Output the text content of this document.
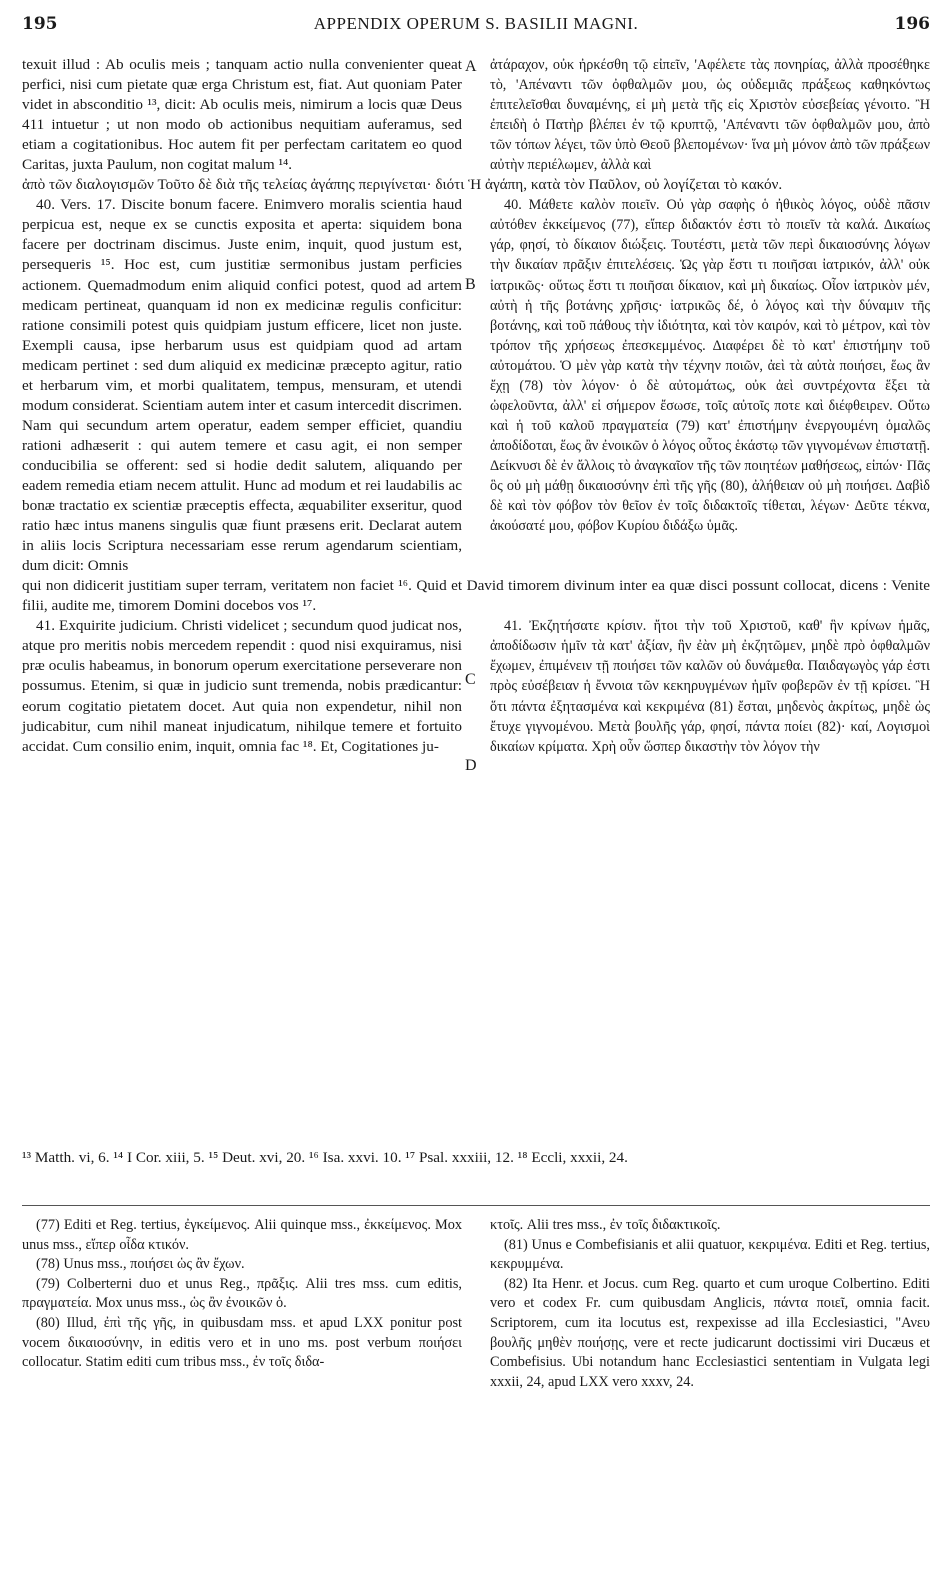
195	APPENDIX OPERUM S. BASILII MAGNI.	196
A

texuit illud : Ab oculis meis ; tanquam actio nulla convenienter queat perfici, nisi cum pietate quæ erga Christum est, fiat. Aut quoniam Pater videt in absconditio ¹³, dicit: Ab oculis meis, nimirum a locis quæ Deus 411 intuetur ; ut non modo ob actionibus nequitiam auferamus, sed etiam a cogitationibus. Hoc autem fit per perfectam caritatem eo quod Caritas, juxta Paulum, non cogitat malum ¹⁴.

ἀτάραχον, οὐκ ἠρκέσθη τῷ εἰπεῖν, 'Αφέλετε τὰς πονηρίας, ἀλλὰ προσέθηκε τὸ, 'Απέναντι τῶν ὀφθαλμῶν μου, ὡς οὐδεμιᾶς πράξεως καθηκόντως ἐπιτελεῖσθαι δυναμένης, εἰ μὴ μετὰ τῆς εἰς Χριστὸν εὐσεβείας γένοιτο. Ἢ ἐπειδὴ ὁ Πατὴρ βλέπει ἐν τῷ κρυπτῷ, 'Απέναντι τῶν ὀφθαλμῶν μου, ἀπὸ τῶν τόπων λέγει, τῶν ὑπὸ Θεοῦ βλεπομένων· ἵνα μὴ μόνον ἀπὸ τῶν πράξεων αὐτὴν περιέλωμεν, ἀλλὰ καὶ

ἀπὸ τῶν διαλογισμῶν Τοῦτο δὲ διὰ τῆς τελείας ἀγάπης περιγίνεται· διότι Ἡ ἀγάπη, κατὰ τὸν Παῦλον, οὐ λογίζεται τὸ κακόν.

B
C

40. Vers. 17. Discite bonum facere. Enimvero moralis scientia haud perpicua est, neque ex se cunctis exposita et aperta: siquidem bona facere per doctrinam discimus. Juste enim, inquit, quod justum est, persequeris ¹⁵. Hoc est, cum justitiæ sermonibus justam perficies actionem. Quemadmodum enim aliquid confici potest, quod ad artem medicam pertineat, quanquam id non ex medicinæ regulis conficitur: ratione consimili potest quis quidpiam justum efficere, licet non juste. Exempli causa, ipse herbarum usus est quidpiam quod ad artam medicam pertinet : sed dum aliquid ex medicinæ præcepto agitur, ratio et herbarum vim, et morbi qualitatem, tempus, mensuram, et utendi modum considerat. Scientiam autem inter et casum intercedit discrimen. Nam qui secundum artem operatur, eadem semper efficiet, quandiu rationi adhæserit : qui autem temere et casu agit, ei non semper conducibilia se offerent: sed si hodie dedit salutem, aliquando per eadem remedia etiam necem attulit. Hunc ad modum et rei laudabilis ac bonæ tractatio ex scientiæ præceptis effecta, æquabiliter exseritur, quod ratio hæc intus manens singulis quæ fiunt præsens erit. Declarat autem in aliis locis Scriptura necessariam esse rerum agendarum scientiam, dum dicit: Omnis

40. Μάθετε καλὸν ποιεῖν. Οὐ γὰρ σαφὴς ὁ ἠθικὸς λόγος, οὐδὲ πᾶσιν αὐτόθεν ἐκκείμενος (77), εἴπερ διδακτόν ἐστι τὸ ποιεῖν τὰ καλά. Δικαίως γάρ, φησί, τὸ δίκαιον διώξεις. Τουτέστι, μετὰ τῶν περὶ δικαιοσύνης λόγων τὴν δικαίαν πρᾶξιν ἐπιτελέσεις. Ὡς γὰρ ἔστι τι ποιῆσαι ἰατρικόν, ἀλλ' οὐκ ἰατρικῶς· οὕτως ἔστι τι ποιῆσαι δίκαιον, καὶ μὴ δικαίως. Οἷον ἰατρικὸν μέν, αὐτὴ ἡ τῆς βοτάνης χρῆσις· ἰατρικῶς δέ, ὁ λόγος καὶ τὴν δύναμιν τῆς βοτάνης, καὶ τοῦ πάθους τὴν ἰδιότητα, καὶ τὸν καιρόν, καὶ τὸ μέτρον, καὶ τὸν τρόπον τῆς χρήσεως ἐπεσκεμμένος. Διαφέρει δὲ τὸ κατ' ἐπιστήμην τοῦ αὐτομάτου. Ὁ μὲν γὰρ κατὰ τὴν τέχνην ποιῶν, ἀεὶ τὰ αὐτὰ ποιήσει, ἕως ἂν ἔχῃ (78) τὸν λόγον· ὁ δὲ αὐτομάτως, οὐκ ἀεὶ συντρέχοντα ἕξει τὰ ὠφελοῦντα, ἀλλ' εἰ σήμερον ἔσωσε, τοῖς αὐτοῖς ποτε καὶ διέφθειρεν. Οὕτω καὶ ἡ τοῦ καλοῦ πραγματεία (79) κατ' ἐπιστήμην ἐνεργουμένη ὁμαλῶς ἀποδίδοται, ἕως ἂν ἐνοικῶν ὁ λόγος οὗτος ἑκάστῳ τῶν γιγνομένων ἐπιστατῇ. Δείκνυσι δὲ ἐν ἄλλοις τὸ ἀναγκαῖον τῆς τῶν ποιητέων μαθήσεως, εἰπών· Πᾶς ὃς οὐ μὴ μάθῃ δικαιοσύνην ἐπὶ τῆς γῆς (80), ἀλήθειαν οὐ μὴ ποιήσει. Δαβὶδ δὲ καὶ τὸν φόβον τὸν θεῖον ἐν τοῖς διδακτοῖς τίθεται, λέγων· Δεῦτε τέκνα, ἀκούσατέ μου, φόβον Κυρίου διδάξω ὑμᾶς.

qui non didicerit justitiam super terram, veritatem non faciet ¹⁶. Quid et David timorem divinum inter ea quæ disci possunt collocat, dicens : Venite filii, audite me, timorem Domini docebos vos ¹⁷.

D

41. Exquirite judicium. Christi videlicet ; secundum quod judicat nos, atque pro meritis nobis mercedem rependit : quod nisi exquiramus, nisi præ oculis habeamus, in bonorum operum exercitatione perseverare non possumus. Etenim, si quæ in judicio sunt tremenda, nobis prædicantur: eorum cogitatio pietatem docet. Aut quia non expendetur, nihil non judicabitur, cum nihil maneat injudicatum, nihilque temere et fortuito accidat. Cum consilio enim, inquit, omnia fac ¹⁸. Et, Cogitationes ju-

41. Ἐκζητήσατε κρίσιν. ἤτοι τὴν τοῦ Χριστοῦ, καθ' ἣν κρίνων ἡμᾶς, ἀποδίδωσιν ἡμῖν τὰ κατ' ἀξίαν, ἣν ἐὰν μὴ ἐκζητῶμεν, μηδὲ πρὸ ὀφθαλμῶν ἔχωμεν, ἐπιμένειν τῇ ποιήσει τῶν καλῶν οὐ δυνάμεθα. Παιδαγωγὸς γάρ ἐστι πρὸς εὐσέβειαν ἡ ἔννοια τῶν κεκηρυγμένων ἡμῖν φοβερῶν ἐν τῇ κρίσει. Ἢ ὅτι πάντα ἐξητασμένα καὶ κεκριμένα (81) ἔσται, μηδενὸς ἀκρίτως, μηδὲ ὡς ἔτυχε γιγνομένου. Μετὰ βουλῆς γάρ, φησί, πάντα ποίει (82)· καί, Λογισμοὶ δικαίων κρίματα. Χρὴ οὖν ὥσπερ δικαστὴν τὸν λόγον τὴν

¹³ Matth. vi, 6. ¹⁴ I Cor. xiii, 5. ¹⁵ Deut. xvi, 20. ¹⁶ Isa. xxvi. 10. ¹⁷ Psal. xxxiii, 12. ¹⁸ Eccli, xxxii, 24.

(77) Editi et Reg. tertius, ἐγκείμενος. Alii quinque mss., ἐκκείμενος. Mox unus mss., εἴπερ οἶδα κτικόν.

(78) Unus mss., ποιήσει ὡς ἂν ἔχων.

(79) Colberterni duo et unus Reg., πρᾶξις. Alii tres mss. cum editis, πραγματεία. Mox unus mss., ὡς ἂν ἐνοικῶν ὁ.

(80) Illud, ἐπὶ τῆς γῆς, in quibusdam mss. et apud LXX ponitur post vocem δικαιοσύνην, in editis vero et in uno ms. post verbum ποιήσει collocatur. Statim editi cum tribus mss., ἐν τοῖς διδα-

κτοῖς. Alii tres mss., ἐν τοῖς διδακτικοῖς.

(81) Unus e Combefisianis et alii quatuor, κεκριμένα. Editi et Reg. tertius, κεκρυμμένα.

(82) Ita Henr. et Jocus. cum Reg. quarto et cum uroque Colbertino. Editi vero et codex Fr. cum quibusdam Anglicis, πάντα ποιεῖ, omnia facit. Scriptorem, cum ita locutus est, rexpexisse ad illa Ecclesiastici, "Ανευ βουλῆς μηθὲν ποιήσῃς, vere et recte judicarunt doctissimi viri Ducæus et Combefisius. Ubi notandum hanc Ecclesiastici sententiam in Vulgata legi xxxii, 24, apud LXX vero xxxv, 24.
